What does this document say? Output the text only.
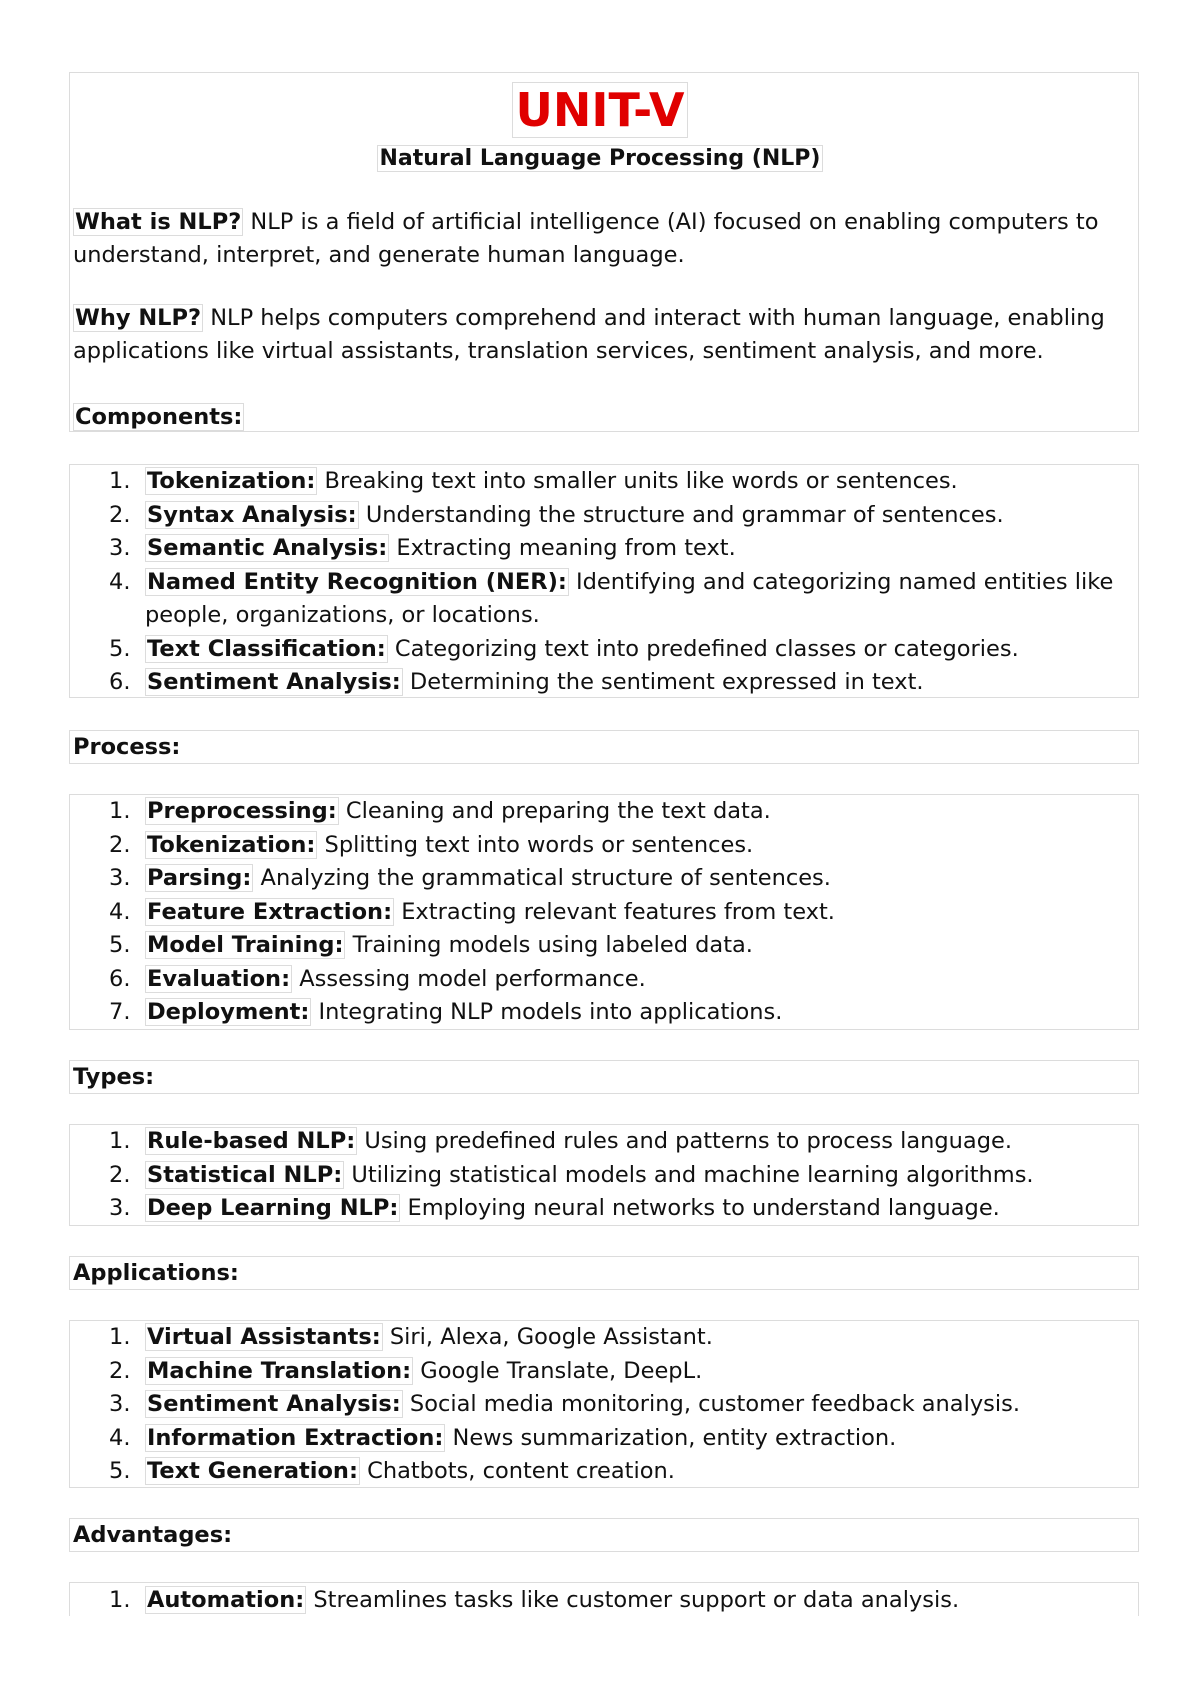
UNIT-V
Natural Language Processing (NLP)
What is NLP? NLP is a field of artificial intelligence (AI) focused on enabling computers to understand, interpret, and generate human language.
Why NLP? NLP helps computers comprehend and interact with human language, enabling applications like virtual assistants, translation services, sentiment analysis, and more.
Components:
1. Tokenization: Breaking text into smaller units like words or sentences.
2. Syntax Analysis: Understanding the structure and grammar of sentences.
3. Semantic Analysis: Extracting meaning from text.
4. Named Entity Recognition (NER): Identifying and categorizing named entities like people, organizations, or locations.
5. Text Classification: Categorizing text into predefined classes or categories.
6. Sentiment Analysis: Determining the sentiment expressed in text.
Process:
1. Preprocessing: Cleaning and preparing the text data.
2. Tokenization: Splitting text into words or sentences.
3. Parsing: Analyzing the grammatical structure of sentences.
4. Feature Extraction: Extracting relevant features from text.
5. Model Training: Training models using labeled data.
6. Evaluation: Assessing model performance.
7. Deployment: Integrating NLP models into applications.
Types:
1. Rule-based NLP: Using predefined rules and patterns to process language.
2. Statistical NLP: Utilizing statistical models and machine learning algorithms.
3. Deep Learning NLP: Employing neural networks to understand language.
Applications:
1. Virtual Assistants: Siri, Alexa, Google Assistant.
2. Machine Translation: Google Translate, DeepL.
3. Sentiment Analysis: Social media monitoring, customer feedback analysis.
4. Information Extraction: News summarization, entity extraction.
5. Text Generation: Chatbots, content creation.
Advantages:
1. Automation: Streamlines tasks like customer support or data analysis.
